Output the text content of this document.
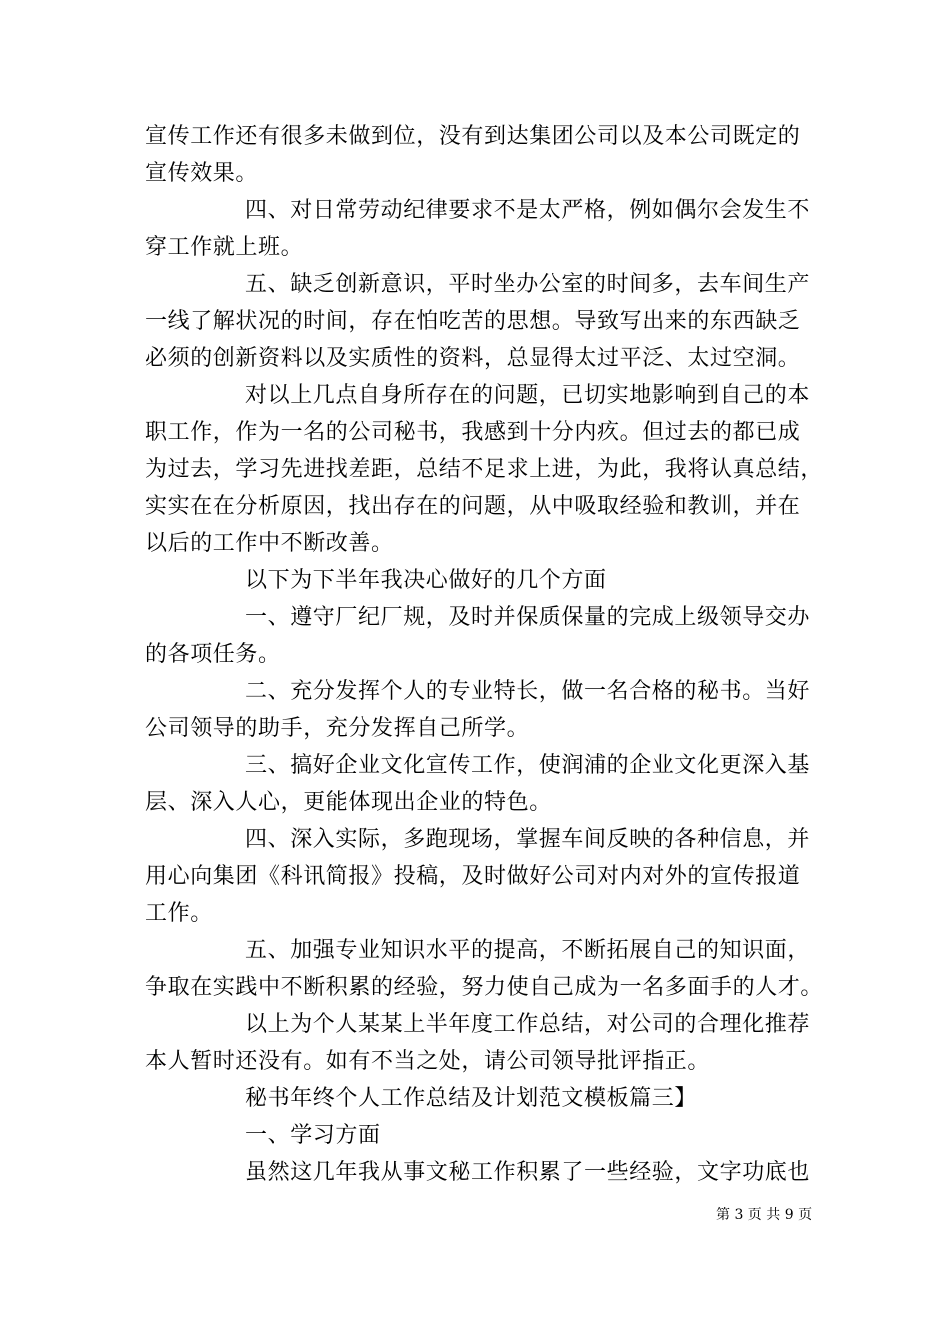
宣传工作还有很多未做到位，没有到达集团公司以及本公司既定的
宣传效果。
四、对日常劳动纪律要求不是太严格，例如偶尔会发生不
穿工作就上班。
五、缺乏创新意识，平时坐办公室的时间多，去车间生产
一线了解状况的时间，存在怕吃苦的思想。导致写出来的东西缺乏
必须的创新资料以及实质性的资料，总显得太过平泛、太过空洞。
对以上几点自身所存在的问题，已切实地影响到自己的本
职工作，作为一名的公司秘书，我感到十分内疚。但过去的都已成
为过去，学习先进找差距，总结不足求上进，为此，我将认真总结，
实实在在分析原因，找出存在的问题，从中吸取经验和教训，并在
以后的工作中不断改善。
以下为下半年我决心做好的几个方面
一、遵守厂纪厂规，及时并保质保量的完成上级领导交办
的各项任务。
二、充分发挥个人的专业特长，做一名合格的秘书。当好
公司领导的助手，充分发挥自己所学。
三、搞好企业文化宣传工作，使润浦的企业文化更深入基
层、深入人心，更能体现出企业的特色。
四、深入实际，多跑现场，掌握车间反映的各种信息，并
用心向集团《科讯简报》投稿，及时做好公司对内对外的宣传报道
工作。
五、加强专业知识水平的提高，不断拓展自己的知识面，
争取在实践中不断积累的经验，努力使自己成为一名多面手的人才。
以上为个人某某上半年度工作总结，对公司的合理化推荐
本人暂时还没有。如有不当之处，请公司领导批评指正。
秘书年终个人工作总结及计划范文模板篇三】
一、学习方面
虽然这几年我从事文秘工作积累了一些经验，文字功底也
第 3 页 共 9 页
